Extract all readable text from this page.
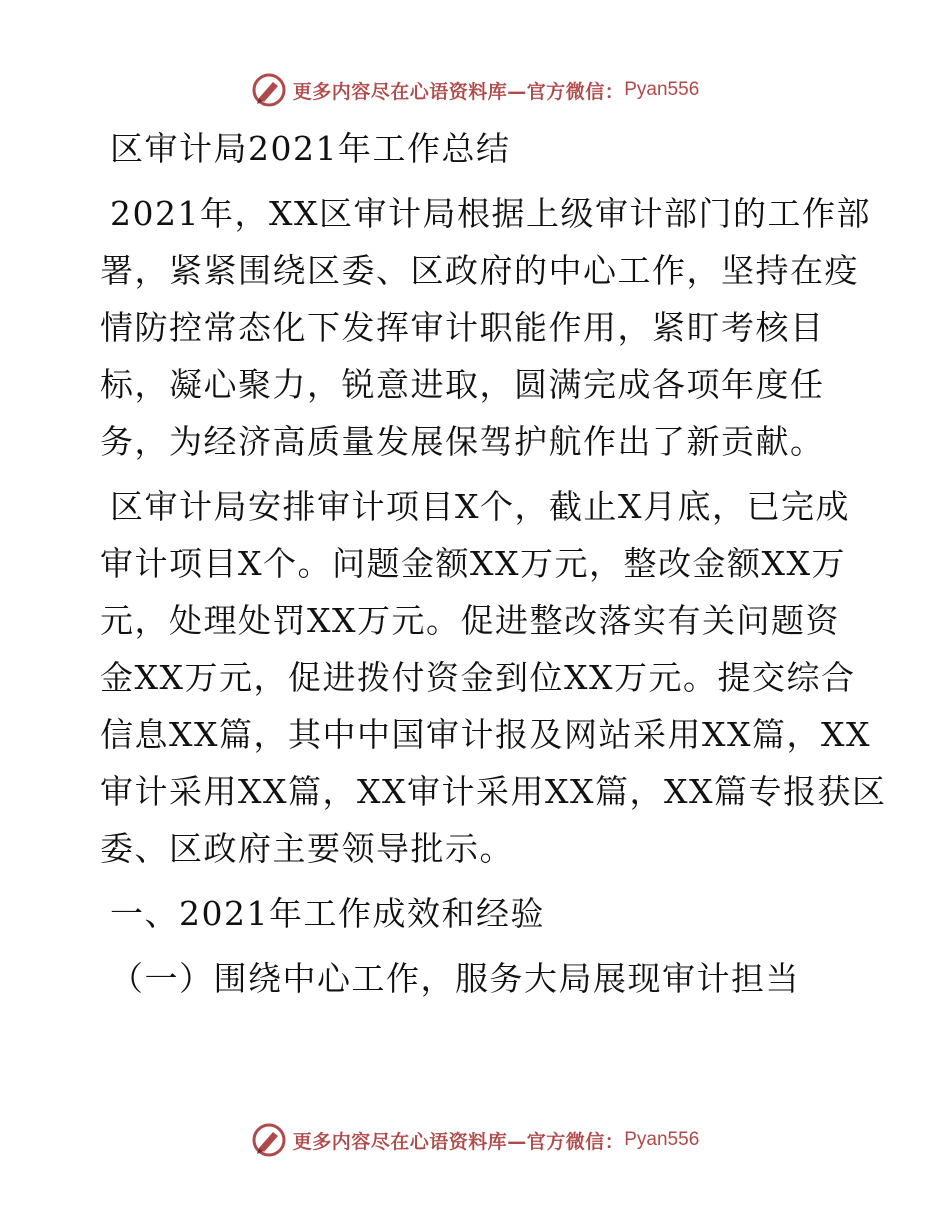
更多内容尽在心语资料库—官方微信： Pyan556
区审计局2021年工作总结
2021年，XX区审计局根据上级审计部门的工作部
署，紧紧围绕区委、区政府的中心工作，坚持在疫
情防控常态化下发挥审计职能作用，紧盯考核目
标，凝心聚力，锐意进取，圆满完成各项年度任
务，为经济高质量发展保驾护航作出了新贡献。
区审计局安排审计项目X个，截止X月底，已完成
审计项目X个。问题金额XX万元，整改金额XX万
元，处理处罚XX万元。促进整改落实有关问题资
金XX万元，促进拨付资金到位XX万元。提交综合
信息XX篇，其中中国审计报及网站采用XX篇，XX
审计采用XX篇，XX审计采用XX篇，XX篇专报获区
委、区政府主要领导批示。
一、2021年工作成效和经验
（一）围绕中心工作，服务大局展现审计担当
更多内容尽在心语资料库—官方微信： Pyan556
